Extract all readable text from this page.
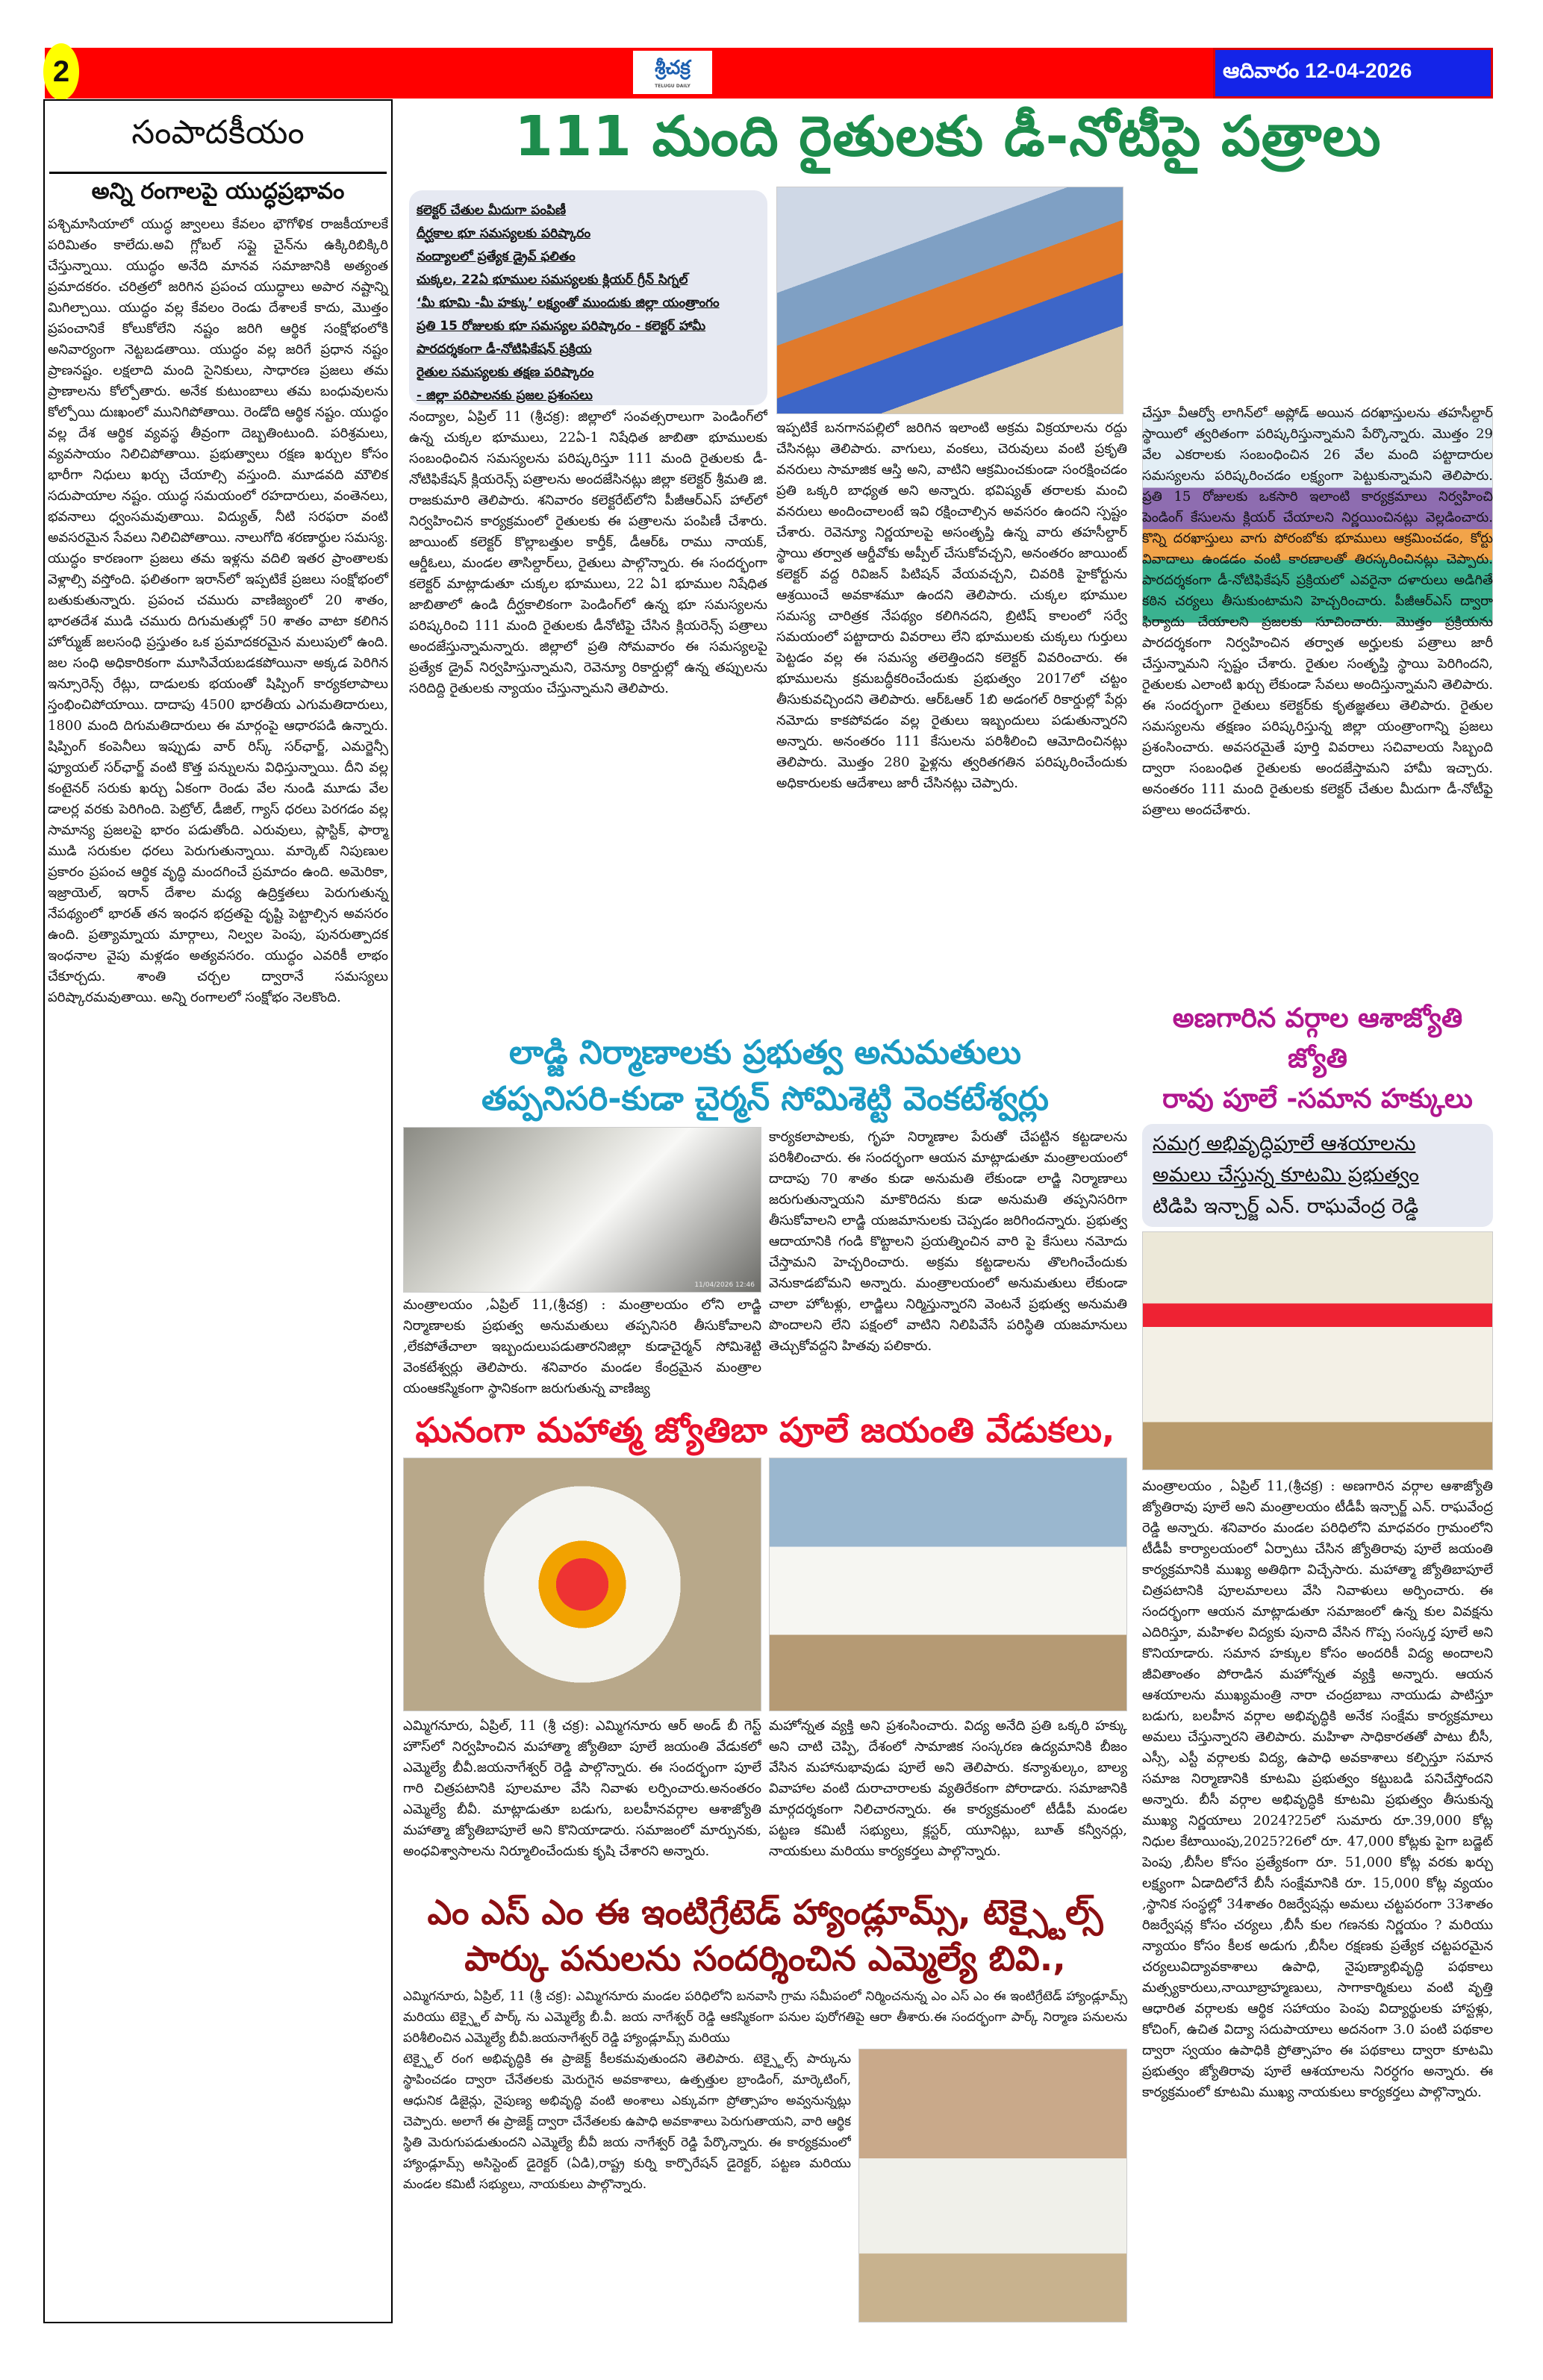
2	శ్రీచక్ర
TELUGU DAILY
ఆదివారం 12-04-2026
సంపాదకీయం
అన్ని రంగాలపై యుద్ధప్రభావం
పశ్చిమాసియాలో యుద్ధ జ్వాలలు కేవలం భౌగోళిక రాజకీయాలకే పరిమితం కాలేదు.అవి గ్లోబల్ సప్లై చైన్‌ను ఉక్కిరిబిక్కిరి చేస్తున్నాయి. యుద్ధం అనేది మానవ సమాజానికి అత్యంత ప్రమాదకరం. చరిత్రలో జరిగిన ప్రపంచ యుద్ధాలు అపార నష్టాన్ని మిగిల్చాయి. యుద్ధం వల్ల కేవలం రెండు దేశాలకే కాదు, మొత్తం ప్రపంచానికే కోలుకోలేని నష్టం జరిగి ఆర్థిక సంక్షోభంలోకి అనివార్యంగా నెట్టబడతాయి. యుద్ధం వల్ల జరిగే ప్రధాన నష్టం ప్రాణనష్టం. లక్షలాది మంది సైనికులు, సాధారణ ప్రజలు తమ ప్రాణాలను కోల్పోతారు. అనేక కుటుంబాలు తమ బంధువులను కోల్పోయి దుఃఖంలో మునిగిపోతాయి. రెండోది ఆర్థిక నష్టం. యుద్ధం వల్ల దేశ ఆర్థిక వ్యవస్థ తీవ్రంగా దెబ్బతింటుంది. పరిశ్రమలు, వ్యవసాయం నిలిచిపోతాయి. ప్రభుత్వాలు రక్షణ ఖర్చుల కోసం భారీగా నిధులు ఖర్చు చేయాల్సి వస్తుంది. మూడవది మౌలిక సదుపాయాల నష్టం. యుద్ధ సమయంలో రహదారులు, వంతెనలు, భవనాలు ధ్వంసమవుతాయి. విద్యుత్, నీటి సరఫరా వంటి అవసరమైన సేవలు నిలిచిపోతాయి. నాలుగోది శరణార్థుల సమస్య. యుద్ధం కారణంగా ప్రజలు తమ ఇళ్లను వదిలి ఇతర ప్రాంతాలకు వెళ్లాల్సి వస్తోంది. ఫలితంగా ఇరాన్‌లో ఇప్పటికే ప్రజలు సంక్షోభంలో బతుకుతున్నారు. ప్రపంచ చమురు వాణిజ్యంలో 20 శాతం, భారతదేశ ముడి చమురు దిగుమతుల్లో 50 శాతం వాటా కలిగిన హోర్ముజ్ జలసంధి ప్రస్తుతం ఒక ప్రమాదకరమైన మలుపులో ఉంది. జల సంధి అధికారికంగా మూసివేయబడకపోయినా అక్కడ పెరిగిన ఇన్సూరెన్స్ రేట్లు, దాడులకు భయంతో షిప్పింగ్ కార్యకలాపాలు స్తంభించిపోయాయి. దాదాపు 4500 భారతీయ ఎగుమతిదారులు, 1800 మంది దిగుమతిదారులు ఈ మార్గంపై ఆధారపడి ఉన్నారు. షిప్పింగ్ కంపెనీలు ఇప్పుడు వార్ రిస్క్ సర్‌ఛార్జ్, ఎమర్జెన్సీ ఫ్యూయల్ సర్‌ఛార్జ్ వంటి కొత్త పన్నులను విధిస్తున్నాయి. దీని వల్ల కంటైనర్ సరుకు ఖర్చు ఏకంగా రెండు వేల నుండి మూడు వేల డాలర్ల వరకు పెరిగింది. పెట్రోల్, డీజిల్, గ్యాస్ ధరలు పెరగడం వల్ల సామాన్య ప్రజలపై భారం పడుతోంది. ఎరువులు, ప్లాస్టిక్, ఫార్మా ముడి సరుకుల ధరలు పెరుగుతున్నాయి. మార్కెట్ నిపుణుల ప్రకారం ప్రపంచ ఆర్థిక వృద్ధి మందగించే ప్రమాదం ఉంది. అమెరికా, ఇజ్రాయెల్, ఇరాన్ దేశాల మధ్య ఉద్రిక్తతలు పెరుగుతున్న నేపథ్యంలో భారత్ తన ఇంధన భద్రతపై దృష్టి పెట్టాల్సిన అవసరం ఉంది. ప్రత్యామ్నాయ మార్గాలు, నిల్వల పెంపు, పునరుత్పాదక ఇంధనాల వైపు మళ్లడం అత్యవసరం. యుద్ధం ఎవరికీ లాభం చేకూర్చదు. శాంతి చర్చల ద్వారానే సమస్యలు పరిష్కారమవుతాయి. అన్ని రంగాలలో సంక్షోభం నెలకొంది.
111 మంది రైతులకు డీ-నోటీపై పత్రాలు
కలెక్టర్ చేతుల మీదుగా పంపిణీ
దీర్ఘకాల భూ సమస్యలకు పరిష్కారం
నంద్యాలలో ప్రత్యేక డ్రైవ్ ఫలితం
చుక్కల, 22ఏ భూముల సమస్యలకు క్లియర్ గ్రీన్ సిగ్నల్
‘మీ భూమి -మీ హక్కు’ లక్ష్యంతో ముందుకు జిల్లా యంత్రాంగం
ప్రతి 15 రోజులకు భూ సమస్యల పరిష్కారం - కలెక్టర్ హామీ
పారదర్శకంగా డీ-నోటిఫికేషన్ ప్రక్రియ
రైతుల సమస్యలకు తక్షణ పరిష్కారం
- జిల్లా పరిపాలనకు ప్రజల ప్రశంసలు
నంద్యాల, ఏప్రిల్ 11 (శ్రీచక్ర): జిల్లాలో సంవత్సరాలుగా పెండింగ్‌లో ఉన్న చుక్కల భూములు, 22ఏ-1 నిషేధిత జాబితా భూములకు సంబంధించిన సమస్యలను పరిష్కరిస్తూ 111 మంది రైతులకు డీ-నోటిఫికేషన్ క్లియరెన్స్ పత్రాలను అందజేసినట్లు జిల్లా కలెక్టర్ శ్రీమతి జి. రాజకుమారి తెలిపారు. శనివారం కలెక్టరేట్‌లోని పీజీఆర్ఎస్ హాల్‌లో నిర్వహించిన కార్యక్రమంలో రైతులకు ఈ పత్రాలను పంపిణీ చేశారు. జాయింట్ కలెక్టర్ కొల్లాబత్తుల కార్తీక్, డీఆర్ఓ రాము నాయక్, ఆర్డీఓలు, మండల తాసిల్దార్‌లు, రైతులు పాల్గొన్నారు. ఈ సందర్భంగా కలెక్టర్ మాట్లాడుతూ చుక్కల భూములు, 22 ఏ1 భూముల నిషేధిత జాబితాలో ఉండి దీర్ఘకాలికంగా పెండింగ్‌లో ఉన్న భూ సమస్యలను పరిష్కరించి 111 మంది రైతులకు డీనోటిఫై చేసిన క్లియరెన్స్ పత్రాలు అందజేస్తున్నామన్నారు. జిల్లాలో ప్రతి సోమవారం ఈ సమస్యలపై ప్రత్యేక డ్రైవ్ నిర్వహిస్తున్నామని, రెవెన్యూ రికార్డుల్లో ఉన్న తప్పులను సరిదిద్ది రైతులకు న్యాయం చేస్తున్నామని తెలిపారు.
ఇప్పటికే బనగానపల్లిలో జరిగిన ఇలాంటి అక్రమ విక్రయాలను రద్దు చేసినట్లు తెలిపారు. వాగులు, వంకలు, చెరువులు వంటి ప్రకృతి వనరులు సామాజిక ఆస్తి అని, వాటిని ఆక్రమించకుండా సంరక్షించడం ప్రతి ఒక్కరి బాధ్యత అని అన్నారు. భవిష్యత్ తరాలకు మంచి వనరులు అందించాలంటే ఇవి రక్షించాల్సిన అవసరం ఉందని స్పష్టం చేశారు. రెవెన్యూ నిర్ణయాలపై అసంతృప్తి ఉన్న వారు తహసీల్దార్ స్థాయి తర్వాత ఆర్డీవోకు అప్పీల్ చేసుకోవచ్చని, అనంతరం జాయింట్ కలెక్టర్ వద్ద రివిజన్ పిటిషన్ వేయవచ్చని, చివరికి హైకోర్టును ఆశ్రయించే అవకాశమూ ఉందని తెలిపారు. చుక్కల భూముల సమస్య చారిత్రక నేపథ్యం కలిగినదని, బ్రిటిష్ కాలంలో సర్వే సమయంలో పట్టాదారు వివరాలు లేని భూములకు చుక్కలు గుర్తులు పెట్టడం వల్ల ఈ సమస్య తలెత్తిందని కలెక్టర్ వివరించారు. ఈ భూములను క్రమబద్ధీకరించేందుకు ప్రభుత్వం 2017లో చట్టం తీసుకువచ్చిందని తెలిపారు. ఆర్ఓఆర్ 1బి అడంగల్ రికార్డుల్లో పేర్లు నమోదు కాకపోవడం వల్ల రైతులు ఇబ్బందులు పడుతున్నారని అన్నారు. అనంతరం 111 కేసులను పరిశీలించి ఆమోదించినట్లు తెలిపారు. మొత్తం 280 ఫైళ్లను త్వరితగతిన పరిష్కరించేందుకు అధికారులకు ఆదేశాలు జారీ చేసినట్లు చెప్పారు.
చేస్తూ వీఆర్వో లాగిన్‌లో అప్లోడ్ అయిన దరఖాస్తులను తహసీల్దార్ స్థాయిలో త్వరితంగా పరిష్కరిస్తున్నామని పేర్కొన్నారు. మొత్తం 29 వేల ఎకరాలకు సంబంధించిన 26 వేల మంది పట్టాదారుల సమస్యలను పరిష్కరించడం లక్ష్యంగా పెట్టుకున్నామని తెలిపారు. ప్రతి 15 రోజులకు ఒకసారి ఇలాంటి కార్యక్రమాలు నిర్వహించి పెండింగ్ కేసులను క్లియర్ చేయాలని నిర్ణయించినట్లు వెల్లడించారు. కొన్ని దరఖాస్తులు వాగు పోరంబోకు భూములు ఆక్రమించడం, కోర్టు వివాదాలు ఉండడం వంటి కారణాలతో తిరస్కరించినట్లు చెప్పారు. పారదర్శకంగా డీ-నోటిఫికేషన్ ప్రక్రియలో ఎవరైనా దళారులు అడిగితే కఠిన చర్యలు తీసుకుంటామని హెచ్చరించారు. పీజీఆర్ఎస్ ద్వారా ఫిర్యాదు చేయాలని ప్రజలకు సూచించారు. మొత్తం ప్రక్రియను పారదర్శకంగా నిర్వహించిన తర్వాత అర్హులకు పత్రాలు జారీ చేస్తున్నామని స్పష్టం చేశారు. రైతుల సంతృప్తి స్థాయి పెరిగిందని, రైతులకు ఎలాంటి ఖర్చు లేకుండా సేవలు అందిస్తున్నామని తెలిపారు. ఈ సందర్భంగా రైతులు కలెక్టర్‌కు కృతజ్ఞతలు తెలిపారు. రైతుల సమస్యలను తక్షణం పరిష్కరిస్తున్న జిల్లా యంత్రాంగాన్ని ప్రజలు ప్రశంసించారు. అవసరమైతే పూర్తి వివరాలు సచివాలయ సిబ్బంది ద్వారా సంబంధిత రైతులకు అందజేస్తామని హామీ ఇచ్చారు. అనంతరం 111 మంది రైతులకు కలెక్టర్ చేతుల మీదుగా డీ-నోటీఫై పత్రాలు అందచేశారు.
లాడ్జి నిర్మాణాలకు ప్రభుత్వ అనుమతులు
తప్పనిసరి-కుడా చైర్మన్ సోమిశెట్టి వెంకటేశ్వర్లు
11/04/2026 12:46
మంత్రాలయం ,ఏప్రిల్ 11,(శ్రీచక్ర) : మంత్రాలయం లోని లాడ్జి నిర్మాణాలకు ప్రభుత్వ అనుమతులు తప్పనిసరి తీసుకోవాలని ,లేకపోతేచాలా ఇబ్బందులుపడుతారనిజిల్లా కుడాచైర్మన్ సోమిశెట్టి వెంకటేశ్వర్లు తెలిపారు. శనివారం మండల కేంద్రమైన మంత్రాల యంఆకస్మికంగా స్థానికంగా జరుగుతున్న వాణిజ్య
కార్యకలాపాలకు, గృహ నిర్మాణాల పేరుతో చేపట్టిన కట్టడాలను పరిశీలించారు. ఈ సందర్భంగా ఆయన మాట్లాడుతూ మంత్రాలయంలో దాదాపు 70 శాతం కుడా అనుమతి లేకుండా లాడ్జి నిర్మాణాలు జరుగుతున్నాయని మాకొరిదను కుడా అనుమతి తప్పనిసరిగా తీసుకోవాలని లాడ్జి యజమానులకు చెప్పడం జరిగిందన్నారు. ప్రభుత్వ ఆదాయానికి గండి కొట్టాలని ప్రయత్నించిన వారి పై కేసులు నమోదు చేస్తామని హెచ్చరించారు. అక్రమ కట్టడాలను తొలగించేందుకు వెనుకాడబోమని అన్నారు. మంత్రాలయంలో అనుమతులు లేకుండా చాలా హోటళ్లు, లాడ్జిలు నిర్మిస్తున్నారని వెంటనే ప్రభుత్వ అనుమతి పొందాలని లేని పక్షంలో వాటిని నిలిపివేసే పరిస్థితి యజమానులు తెచ్చుకోవద్దని హితవు పలికారు.
ఘనంగా మహాత్మ జ్యోతిబా పూలే జయంతి వేడుకలు,
ఎమ్మిగనూరు, ఏప్రిల్, 11 (శ్రీ చక్ర): ఎమ్మిగనూరు ఆర్ అండ్ బీ గెస్ట్ హౌస్‌లో నిర్వహించిన మహాత్మా జ్యోతిబా పూలే జయంతి వేడుకలో ఎమ్మెల్యే బీవీ.జయనాగేశ్వర్ రెడ్డి పాల్గొన్నారు. ఈ సందర్భంగా పూలే గారి చిత్రపటానికి పూలమాల వేసి నివాళు లర్పించారు.అనంతరం ఎమ్మెల్యే బీవీ. మాట్లాడుతూ బడుగు, బలహీనవర్గాల ఆశాజ్యోతి మహాత్మా జ్యోతిబాపూలే అని కొనియాడారు. సమాజంలో మార్పునకు, అంధవిశ్వాసాలను నిర్మూలించేందుకు కృషి చేశారని అన్నారు.
మహోన్నత వ్యక్తి అని ప్రశంసించారు. విద్య అనేది ప్రతి ఒక్కరి హక్కు అని చాటి చెప్పి, దేశంలో సామాజిక సంస్కరణ ఉద్యమానికి బీజం వేసిన మహానుభావుడు పూలే అని తెలిపారు. కన్యాశుల్కం, బాల్య వివాహాల వంటి దురాచారాలకు వ్యతిరేకంగా పోరాడారు. సమాజానికి మార్గదర్శకంగా నిలిచారన్నారు. ఈ కార్యక్రమంలో టీడీపీ మండల పట్టణ కమిటీ సభ్యులు, క్లస్టర్, యూనిట్లు, బూత్ కన్వీనర్లు, నాయకులు మరియు కార్యకర్తలు పాల్గొన్నారు.
ఎం ఎస్ ఎం ఈ ఇంటిగ్రేటెడ్ హ్యాండ్లూమ్స్, టెక్స్టైల్స్
పార్కు పనులను సందర్శించిన ఎమ్మెల్యే బివి.,
ఎమ్మిగనూరు, ఏప్రిల్, 11 (శ్రీ చక్ర): ఎమ్మిగనూరు మండల పరిధిలోని బనవాసి గ్రామ సమీపంలో నిర్మించనున్న ఎం ఎస్ ఎం ఈ ఇంటిగ్రేటెడ్ హ్యాండ్లూమ్స్ మరియు టెక్స్టైల్ పార్క్ ను ఎమ్మెల్యే బీ.వీ. జయ నాగేశ్వర్ రెడ్డి ఆకస్మికంగా పనుల పురోగతిపై ఆరా తీశారు.ఈ సందర్భంగా పార్క్ నిర్మాణ పనులను పరిశీలించిన ఎమ్మెల్యే బీవీ.జయనాగేశ్వర్ రెడ్డి హ్యాండ్లూమ్స్ మరియు
టెక్స్టైల్ రంగ అభివృద్ధికి ఈ ప్రాజెక్ట్ కీలకమవుతుందని తెలిపారు. టెక్స్టైల్స్ పార్కును స్థాపించడం ద్వారా చేనేతలకు మెరుగైన అవకాశాలు, ఉత్పత్తుల బ్రాండింగ్, మార్కెటింగ్, ఆధునిక డిజైన్లు, నైపుణ్య అభివృద్ధి వంటి అంశాలు ఎక్కువగా ప్రోత్సాహం అవ్వనున్నట్లు చెప్పారు. అలాగే ఈ ప్రాజెక్ట్ ద్వారా చేనేతలకు ఉపాధి అవకాశాలు పెరుగుతాయని, వారి ఆర్థిక స్థితి మెరుగుపడుతుందని ఎమ్మెల్యే బీవీ జయ నాగేశ్వర్ రెడ్డి పేర్కొన్నారు. ఈ కార్యక్రమంలో హ్యాండ్లూమ్స్ అసిస్టెంట్ డైరెక్టర్ (ఏడి),రాష్ట్ర కుర్ని కార్పొరేషన్ డైరెక్టర్, పట్టణ మరియు మండల కమిటీ సభ్యులు, నాయకులు పాల్గొన్నారు.
అణగారిన వర్గాల ఆశాజ్యోతి జ్యోతి
రావు పూలే -సమాన హక్కులు
సమగ్ర అభివృద్ధిపూలే ఆశయాలను
అమలు చేస్తున్న కూటమి ప్రభుత్వం
టిడిపి ఇన్చార్జ్ ఎన్. రాఘవేంద్ర రెడ్డి
మంత్రాలయం , ఏప్రిల్ 11,(శ్రీచక్ర) : అణగారిన వర్గాల ఆశాజ్యోతి జ్యోతిరావు పూలే అని మంత్రాలయం టీడీపీ ఇన్చార్జ్ ఎన్. రాఘవేంద్ర రెడ్డి అన్నారు. శనివారం మండల పరిధిలోని మాధవరం గ్రామంలోని టీడీపీ కార్యాలయంలో ఏర్పాటు చేసిన జ్యోతిరావు పూలే జయంతి కార్యక్రమానికి ముఖ్య అతిథిగా విచ్చేసారు. మహాత్మా జ్యోతిబాపూలే చిత్రపటానికి పూలమాలలు వేసి నివాళులు అర్పించారు. ఈ సందర్భంగా ఆయన మాట్లాడుతూ సమాజంలో ఉన్న కుల వివక్షను ఎదిరిస్తూ, మహిళల విద్యకు పునాది వేసిన గొప్ప సంస్కర్త పూలే అని కొనియాడారు. సమాన హక్కుల కోసం అందరికీ విద్య అందాలని జీవితాంతం పోరాడిన మహోన్నత వ్యక్తి అన్నారు. ఆయన ఆశయాలను ముఖ్యమంత్రి నారా చంద్రబాబు నాయుడు పాటిస్తూ బడుగు, బలహీన వర్గాల అభివృద్ధికి అనేక సంక్షేమ కార్యక్రమాలు అమలు చేస్తున్నారని తెలిపారు. మహిళా సాధికారతతో పాటు బీసీ, ఎస్సీ, ఎస్టీ వర్గాలకు విద్య, ఉపాధి అవకాశాలు కల్పిస్తూ సమాన సమాజ నిర్మాణానికి కూటమి ప్రభుత్వం కట్టుబడి పనిచేస్తోందని అన్నారు. బీసీ వర్గాల అభివృద్ధికి కూటమి ప్రభుత్వం తీసుకున్న ముఖ్య నిర్ణయాలు 2024?25లో సుమారు రూ.39,000 కోట్ల నిధుల కేటాయింపు,2025?26లో రూ. 47,000 కోట్లకు పైగా బడ్జెట్ పెంపు ,బీసీల కోసం ప్రత్యేకంగా రూ. 51,000 కోట్ల వరకు ఖర్చు లక్ష్యంగా ఏడాదిలోనే బీసీ సంక్షేమానికి రూ. 15,000 కోట్ల వ్యయం ,స్థానిక సంస్థల్లో 34శాతం రిజర్వేషన్లు అమలు చట్టపరంగా 33శాతం రిజర్వేషన్ల కోసం చర్యలు ,బీసీ కుల గణనకు నిర్ణయం ? మరియు న్యాయం కోసం కీలక అడుగు ,బీసీల రక్షణకు ప్రత్యేక చట్టపరమైన చర్యలువిద్యావకాశాలు ఉపాధి, నైపుణ్యాభివృద్ధి పథకాలు మత్స్యకారులు,నాయీబ్రాహ్మణులు, సాగాకార్మికులు వంటి వృత్తి ఆధారిత వర్గాలకు ఆర్థిక సహాయం పెంపు విద్యార్థులకు హాస్టళ్లు, కోచింగ్, ఉచిత విద్యా సదుపాయాలు అదనంగా 3.0 పంటి పథకాల ద్వారా స్వయం ఉపాధికి ప్రోత్సాహం ఈ పథకాలు ద్వారా కూటమి ప్రభుత్వం జ్యోతిరావు పూలే ఆశయాలను నిరర్ధగం అన్నారు. ఈ కార్యక్రమంలో కూటమి ముఖ్య నాయకులు కార్యకర్తలు పాల్గొన్నారు.
